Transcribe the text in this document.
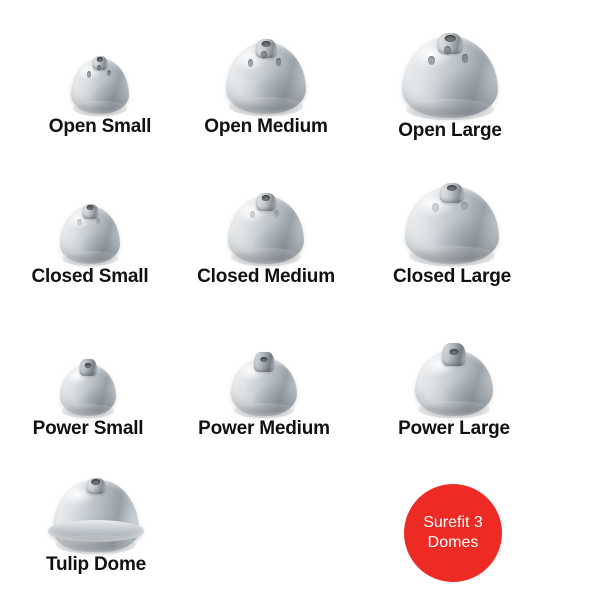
Open Small	Open Medium	Open Large
Closed Small	Closed Medium	Closed Large
Power Small	Power Medium	Power Large
Tulip Dome
Surefit 3
Domes
